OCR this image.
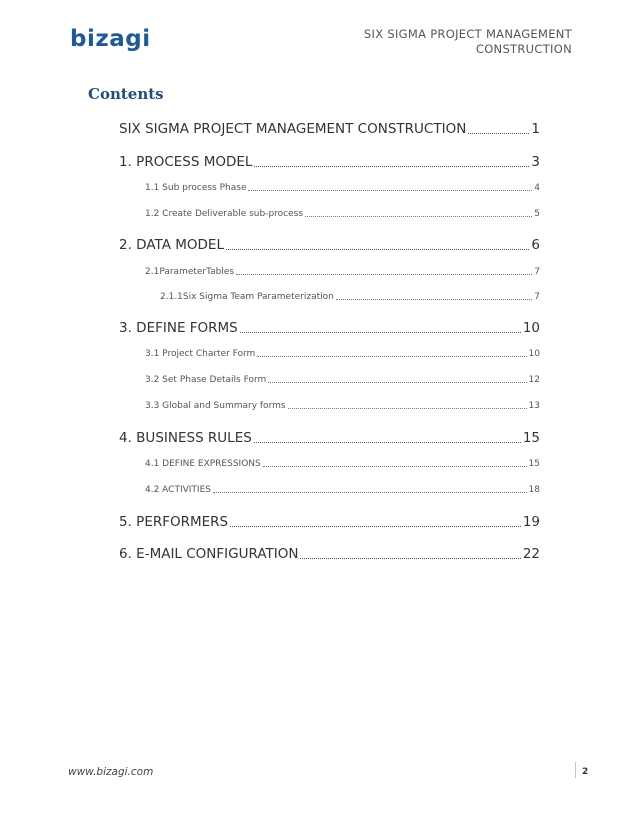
bizagi	SIX SIGMA PROJECT MANAGEMENT
CONSTRUCTION
Contents
SIX SIGMA PROJECT MANAGEMENT CONSTRUCTION	1
1. PROCESS MODEL	3
1.1 Sub process Phase	4
1.2 Create Deliverable sub-process	5
2. DATA MODEL	6
2.1ParameterTables	7
2.1.1Six Sigma Team Parameterization	7
3. DEFINE FORMS	10
3.1 Project Charter Form	10
3.2 Set Phase Details Form	12
3.3 Global and Summary forms	13
4. BUSINESS RULES	15
4.1 DEFINE EXPRESSIONS	15
4.2 ACTIVITIES	18
5. PERFORMERS	19
6. E-MAIL CONFIGURATION	22
www.bizagi.com	2
